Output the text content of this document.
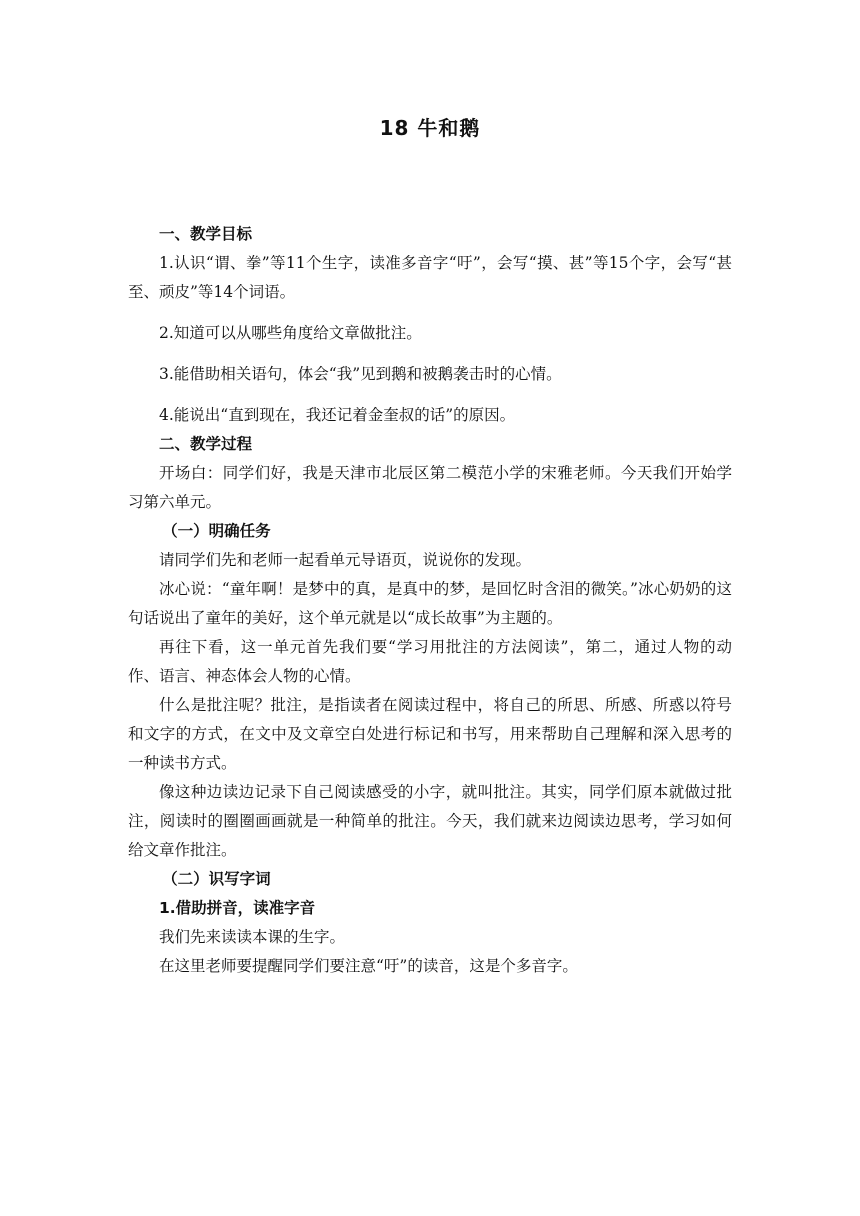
18 牛和鹅

一、教学目标

1.认识“谓、拳”等11个生字，读准多音字“吁”，会写“摸、甚”等15个字，会写“甚至、顽皮”等14个词语。

2.知道可以从哪些角度给文章做批注。

3.能借助相关语句，体会“我”见到鹅和被鹅袭击时的心情。

4.能说出“直到现在，我还记着金奎叔的话”的原因。

二、教学过程

开场白：同学们好，我是天津市北辰区第二模范小学的宋雅老师。今天我们开始学习第六单元。

（一）明确任务

请同学们先和老师一起看单元导语页，说说你的发现。

冰心说：“童年啊！是梦中的真，是真中的梦，是回忆时含泪的微笑。”冰心奶奶的这句话说出了童年的美好，这个单元就是以“成长故事”为主题的。

再往下看，这一单元首先我们要“学习用批注的方法阅读”，第二，通过人物的动作、语言、神态体会人物的心情。

什么是批注呢？批注，是指读者在阅读过程中，将自己的所思、所感、所惑以符号和文字的方式，在文中及文章空白处进行标记和书写，用来帮助自己理解和深入思考的一种读书方式。

像这种边读边记录下自己阅读感受的小字，就叫批注。其实，同学们原本就做过批注，阅读时的圈圈画画就是一种简单的批注。今天，我们就来边阅读边思考，学习如何给文章作批注。

（二）识写字词

1.借助拼音，读准字音

我们先来读读本课的生字。

在这里老师要提醒同学们要注意“吁”的读音，这是个多音字。
